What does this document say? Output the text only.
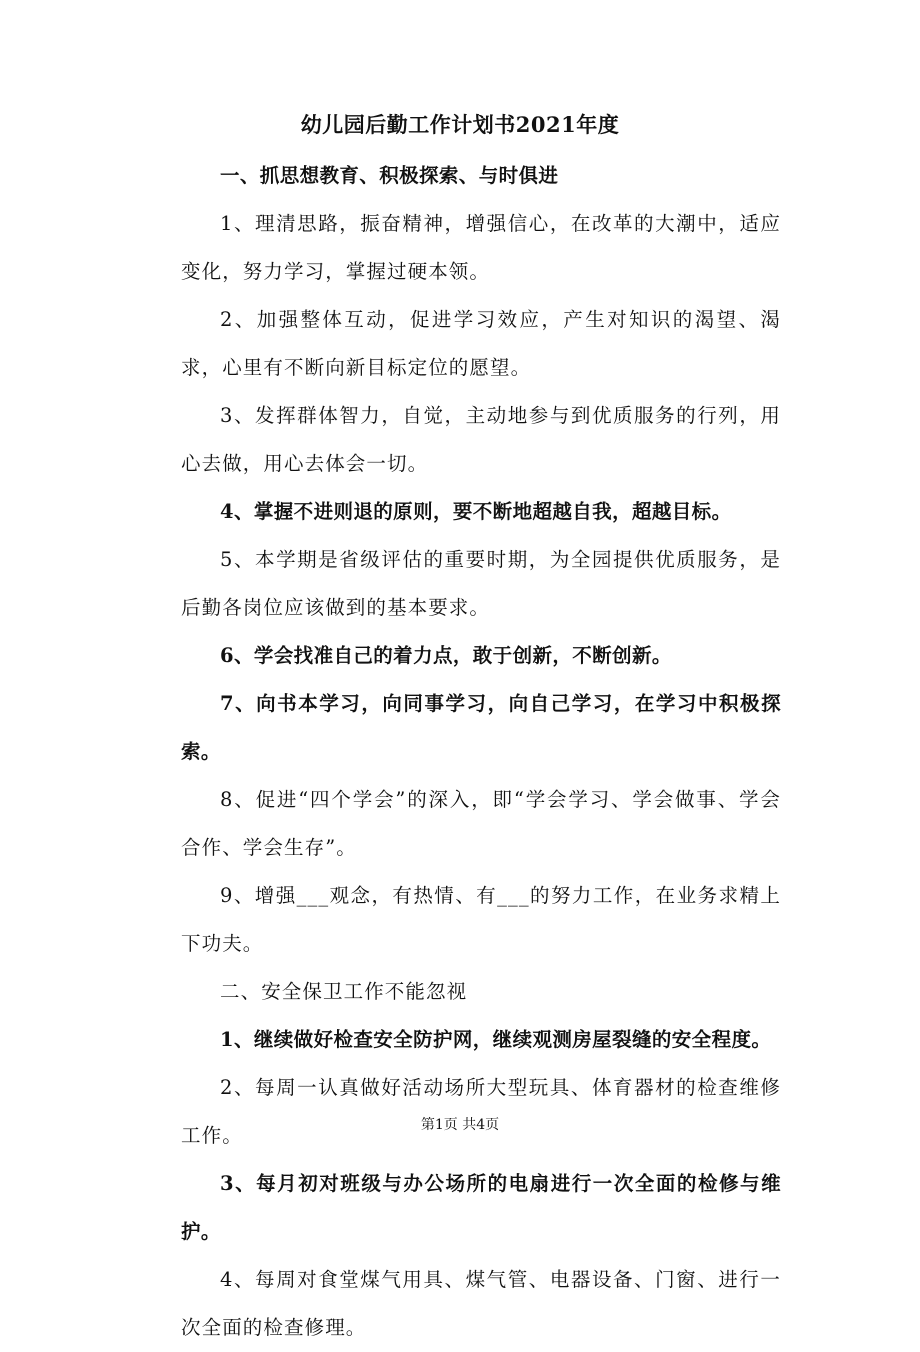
幼儿园后勤工作计划书2021年度

一、抓思想教育、积极探索、与时俱进

1、理清思路，振奋精神，增强信心，在改革的大潮中，适应变化，努力学习，掌握过硬本领。

2、加强整体互动，促进学习效应，产生对知识的渴望、渴求，心里有不断向新目标定位的愿望。

3、发挥群体智力，自觉，主动地参与到优质服务的行列，用心去做，用心去体会一切。

4、掌握不进则退的原则，要不断地超越自我，超越目标。

5、本学期是省级评估的重要时期，为全园提供优质服务，是后勤各岗位应该做到的基本要求。

6、学会找准自己的着力点，敢于创新，不断创新。

7、向书本学习，向同事学习，向自己学习，在学习中积极探索。

8、促进“四个学会”的深入，即“学会学习、学会做事、学会合作、学会生存”。

9、增强___观念，有热情、有___的努力工作，在业务求精上下功夫。

二、安全保卫工作不能忽视

1、继续做好检查安全防护网，继续观测房屋裂缝的安全程度。

2、每周一认真做好活动场所大型玩具、体育器材的检查维修工作。

3、每月初对班级与办公场所的电扇进行一次全面的检修与维护。

4、每周对食堂煤气用具、煤气管、电器设备、门窗、进行一次全面的检查修理。

第1页 共4页
